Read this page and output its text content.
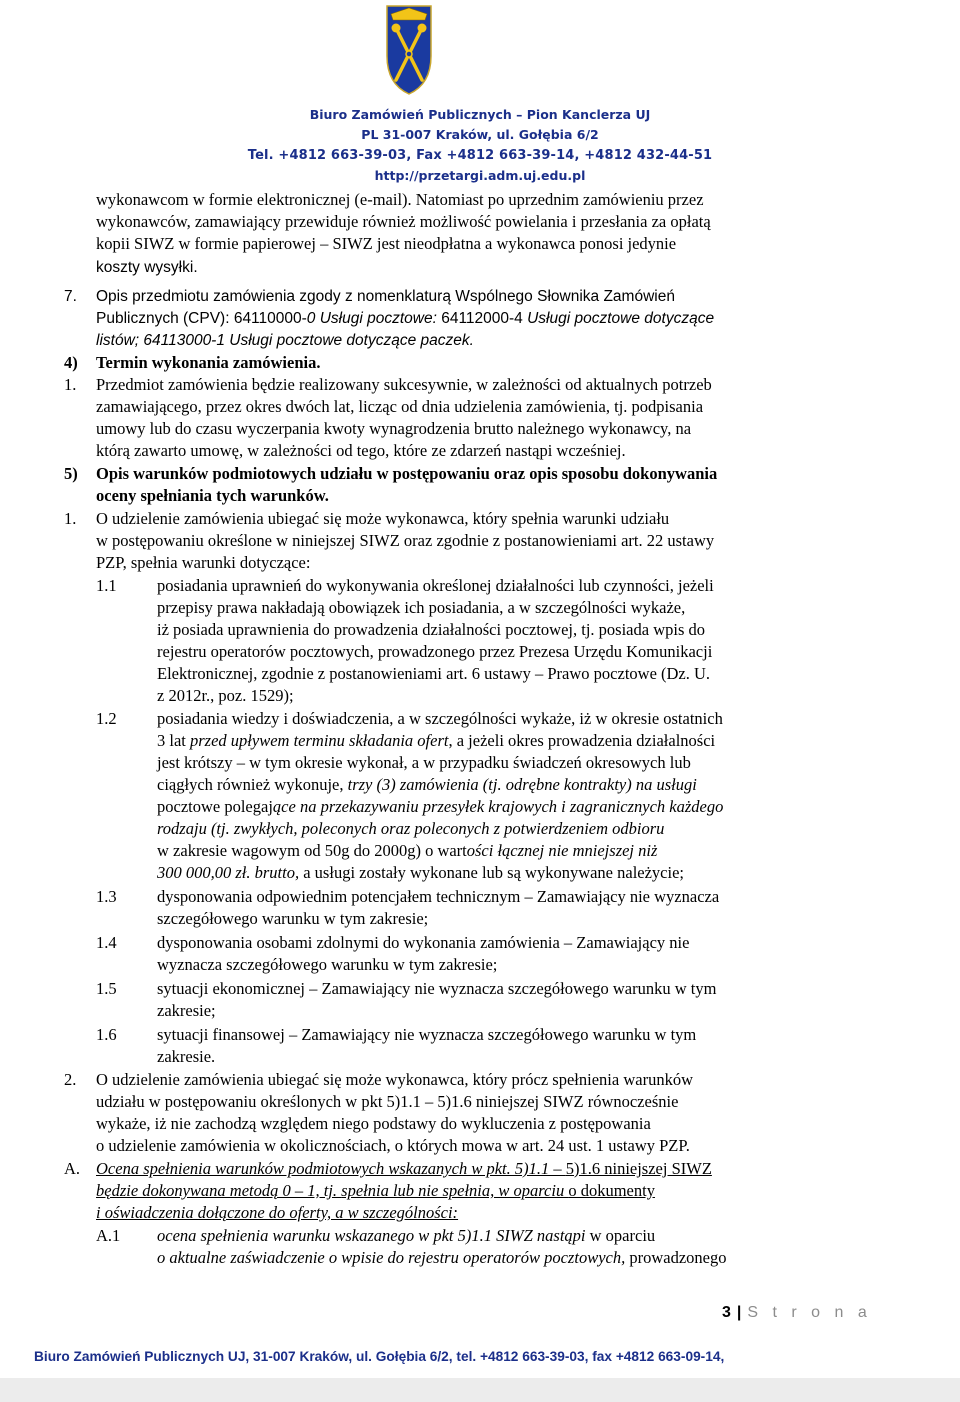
Biuro Zamówień Publicznych – Pion Kanclerza UJ
PL 31-007 Kraków, ul. Gołębia 6/2
Tel. +4812 663-39-03, Fax +4812 663-39-14, +4812 432-44-51
http://przetargi.adm.uj.edu.pl
wykonawcom w formie elektronicznej (e-mail). Natomiast po uprzednim zamówieniu przez
wykonawców, zamawiający przewiduje również możliwość powielania i przesłania za opłatą
kopii SIWZ w formie papierowej – SIWZ jest nieodpłatna a wykonawca ponosi jedynie
koszty wysyłki.
7. Opis przedmiotu zamówienia zgody z nomenklaturą Wspólnego Słownika Zamówień
Publicznych (CPV): 64110000-0 Usługi pocztowe: 64112000-4 Usługi pocztowe dotyczące
listów; 64113000-1 Usługi pocztowe dotyczące paczek.
4) Termin wykonania zamówienia.
1. Przedmiot zamówienia będzie realizowany sukcesywnie, w zależności od aktualnych potrzeb
zamawiającego, przez okres dwóch lat, licząc od dnia udzielenia zamówienia, tj. podpisania
umowy lub do czasu wyczerpania kwoty wynagrodzenia brutto należnego wykonawcy, na
którą zawarto umowę, w zależności od tego, które ze zdarzeń nastąpi wcześniej.
5) Opis warunków podmiotowych udziału w postępowaniu oraz opis sposobu dokonywania
oceny spełniania tych warunków.
1. O udzielenie zamówienia ubiegać się może wykonawca, który spełnia warunki udziału
w postępowaniu określone w niniejszej SIWZ oraz zgodnie z postanowieniami art. 22 ustawy
PZP, spełnia warunki dotyczące:
1.1 posiadania uprawnień do wykonywania określonej działalności lub czynności, jeżeli
przepisy prawa nakładają obowiązek ich posiadania, a w szczególności wykaże,
iż posiada uprawnienia do prowadzenia działalności pocztowej, tj. posiada wpis do
rejestru operatorów pocztowych, prowadzonego przez Prezesa Urzędu Komunikacji
Elektronicznej, zgodnie z postanowieniami art. 6 ustawy – Prawo pocztowe (Dz. U.
z 2012r., poz. 1529);
1.2 posiadania wiedzy i doświadczenia, a w szczególności wykaże, iż w okresie ostatnich
3 lat przed upływem terminu składania ofert, a jeżeli okres prowadzenia działalności
jest krótszy – w tym okresie wykonał, a w przypadku świadczeń okresowych lub
ciągłych również wykonuje, trzy (3) zamówienia (tj. odrębne kontrakty) na usługi
pocztowe polegające na przekazywaniu przesyłek krajowych i zagranicznych każdego
rodzaju (tj. zwykłych, poleconych oraz poleconych z potwierdzeniem odbioru
w zakresie wagowym od 50g do 2000g) o wartości łącznej nie mniejszej niż
300 000,00 zł. brutto, a usługi zostały wykonane lub są wykonywane należycie;
1.3 dysponowania odpowiednim potencjałem technicznym – Zamawiający nie wyznacza
szczegółowego warunku w tym zakresie;
1.4 dysponowania osobami zdolnymi do wykonania zamówienia – Zamawiający nie
wyznacza szczegółowego warunku w tym zakresie;
1.5 sytuacji ekonomicznej – Zamawiający nie wyznacza szczegółowego warunku w tym
zakresie;
1.6 sytuacji finansowej – Zamawiający nie wyznacza szczegółowego warunku w tym
zakresie.
2. O udzielenie zamówienia ubiegać się może wykonawca, który prócz spełnienia warunków
udziału w postępowaniu określonych w pkt 5)1.1 – 5)1.6 niniejszej SIWZ równocześnie
wykaże, iż nie zachodzą względem niego podstawy do wykluczenia z postępowania
o udzielenie zamówienia w okolicznościach, o których mowa w art. 24 ust. 1 ustawy PZP.
A. Ocena spełnienia warunków podmiotowych wskazanych w pkt. 5)1.1 – 5)1.6 niniejszej SIWZ
będzie dokonywana metodą 0 – 1, tj. spełnia lub nie spełnia, w oparciu o dokumenty
i oświadczenia dołączone do oferty, a w szczególności:
A.1 ocena spełnienia warunku wskazanego w pkt 5)1.1 SIWZ nastąpi w oparciu
o aktualne zaświadczenie o wpisie do rejestru operatorów pocztowych, prowadzonego
3 | S t r o n a
Biuro Zamówień Publicznych UJ, 31-007 Kraków, ul. Gołębia 6/2, tel. +4812 663-39-03, fax +4812 663-09-14,
